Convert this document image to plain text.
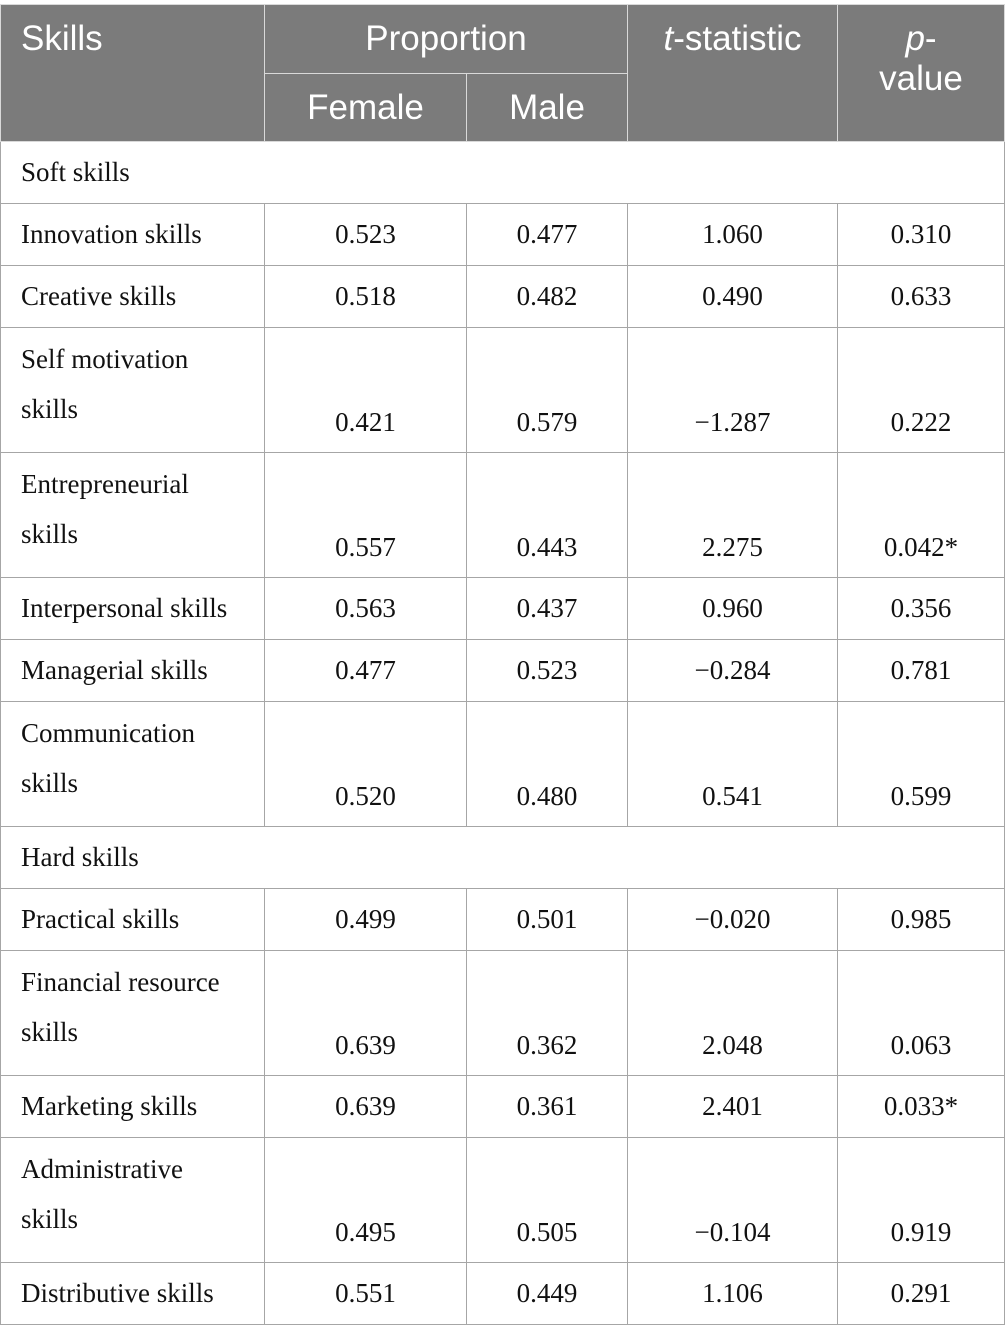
Skills	Proportion		t-statistic	p-
value
	Female	Male		
Soft skills				
Innovation skills	0.523	0.477	1.060	0.310
Creative skills	0.518	0.482	0.490	0.633
Self motivation
skills	0.421	0.579	−1.287	0.222
Entrepreneurial
skills	0.557	0.443	2.275	0.042*
Interpersonal skills	0.563	0.437	0.960	0.356
Managerial skills	0.477	0.523	−0.284	0.781
Communication
skills	0.520	0.480	0.541	0.599
Hard skills				
Practical skills	0.499	0.501	−0.020	0.985
Financial resource
skills	0.639	0.362	2.048	0.063
Marketing skills	0.639	0.361	2.401	0.033*
Administrative
skills	0.495	0.505	−0.104	0.919
Distributive skills	0.551	0.449	1.106	0.291
